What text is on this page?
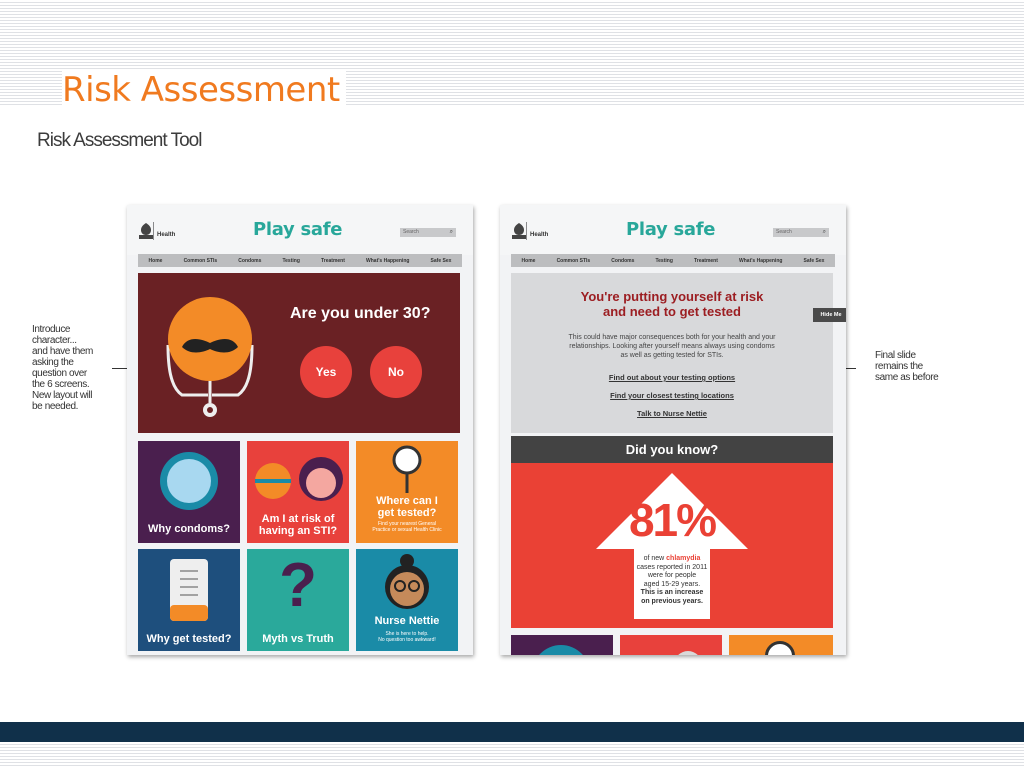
Risk Assessment
Risk Assessment Tool
Introduce
character...
and have them
asking the
question over
the 6 screens.
New layout will
be needed.
Final slide
remains the
same as before
Health	Play safe	Search	⌕
Home	Common STIs	Condoms	Testing	Treatment	What's Happening	Safe Sex
Are you under 30?
Yes	No
Why condoms?
Am I at risk of
having an STI?
Where can I
get tested?
Find your nearest General
Practice or sexual Health Clinic
Why get tested?
?
Myth vs Truth
Nurse Nettie
She is here to help.
No question too awkward!
Health	Play safe	Search	⌕
Home	Common STIs	Condoms	Testing	Treatment	What's Happening	Safe Sex
You're putting yourself at risk
and need to get tested
This could have major consequences both for your health and your
relationships. Looking after yourself means always using condoms
as well as getting tested for STIs.
Find out about your testing options
Find your closest testing locations
Talk to Nurse Nettie
Hide Me
Did you know?
81%
of new chlamydia
cases reported in 2011
were for people
aged 15-29 years.
This is an increase
on previous years.
